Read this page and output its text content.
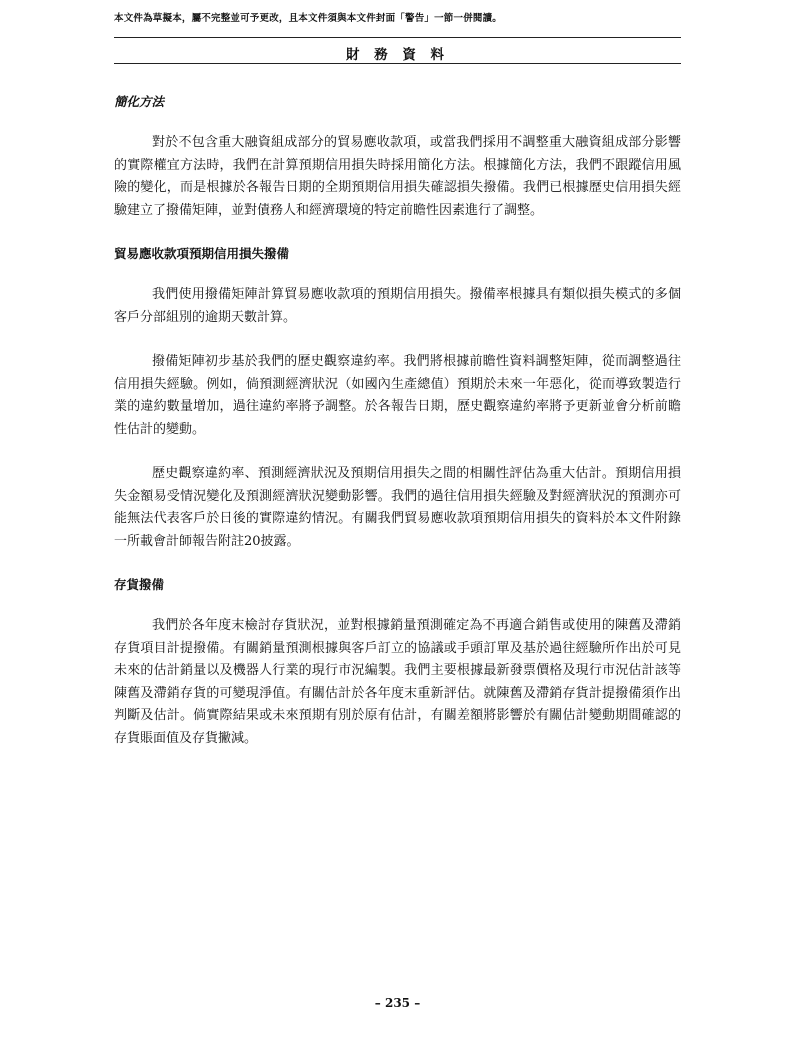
本文件為草擬本，屬不完整並可予更改，且本文件須與本文件封面「警告」一節一併閱讀。
財 務 資 料
簡化方法

對於不包含重大融資組成部分的貿易應收款項，或當我們採用不調整重大融資組成部分影響的實際權宜方法時，我們在計算預期信用損失時採用簡化方法。根據簡化方法，我們不跟蹤信用風險的變化，而是根據於各報告日期的全期預期信用損失確認損失撥備。我們已根據歷史信用損失經驗建立了撥備矩陣，並對債務人和經濟環境的特定前瞻性因素進行了調整。

貿易應收款項預期信用損失撥備

我們使用撥備矩陣計算貿易應收款項的預期信用損失。撥備率根據具有類似損失模式的多個客戶分部組別的逾期天數計算。

撥備矩陣初步基於我們的歷史觀察違約率。我們將根據前瞻性資料調整矩陣，從而調整過往信用損失經驗。例如，倘預測經濟狀況（如國內生產總值）預期於未來一年惡化，從而導致製造行業的違約數量增加，過往違約率將予調整。於各報告日期，歷史觀察違約率將予更新並會分析前瞻性估計的變動。

歷史觀察違約率、預測經濟狀況及預期信用損失之間的相關性評估為重大估計。預期信用損失金額易受情況變化及預測經濟狀況變動影響。我們的過往信用損失經驗及對經濟狀況的預測亦可能無法代表客戶於日後的實際違約情況。有關我們貿易應收款項預期信用損失的資料於本文件附錄一所載會計師報告附註20披露。

存貨撥備

我們於各年度末檢討存貨狀況，並對根據銷量預測確定為不再適合銷售或使用的陳舊及滯銷存貨項目計提撥備。有關銷量預測根據與客戶訂立的協議或手頭訂單及基於過往經驗所作出於可見未來的估計銷量以及機器人行業的現行市況編製。我們主要根據最新發票價格及現行市況估計該等陳舊及滯銷存貨的可變現淨值。有關估計於各年度末重新評估。就陳舊及滯銷存貨計提撥備須作出判斷及估計。倘實際結果或未來預期有別於原有估計，有關差額將影響於有關估計變動期間確認的存貨賬面值及存貨撇減。

– 235 –
